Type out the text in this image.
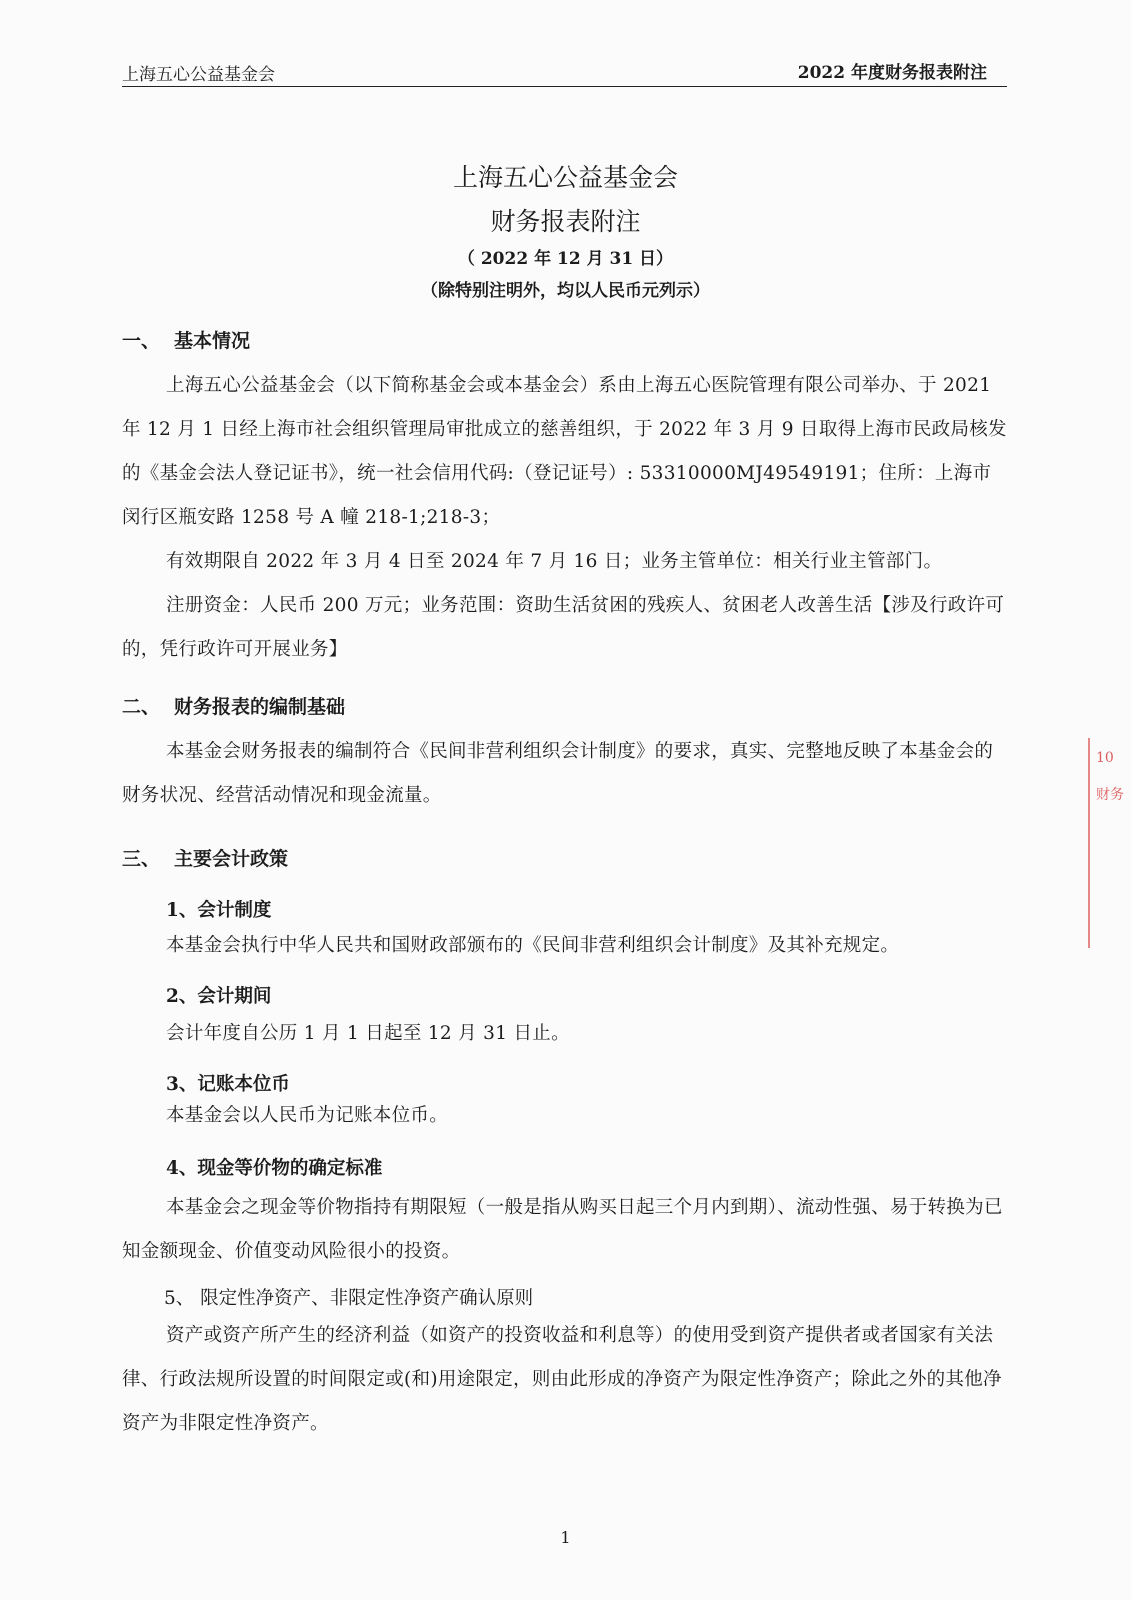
上海五心公益基金会	2022 年度财务报表附注
上海五心公益基金会
财务报表附注
（ 2022 年 12 月 31 日）
（除特别注明外，均以人民币元列示）
一、 基本情况
上海五心公益基金会（以下简称基金会或本基金会）系由上海五心医院管理有限公司举办、于 2021 年 12 月 1 日经上海市社会组织管理局审批成立的慈善组织，于 2022 年 3 月 9 日取得上海市民政局核发的《基金会法人登记证书》，统一社会信用代码:（登记证号）: 53310000MJ49549191；住所：上海市闵行区瓶安路 1258 号 A 幢 218-1;218-3；
有效期限自 2022 年 3 月 4 日至 2024 年 7 月 16 日；业务主管单位：相关行业主管部门。
注册资金：人民币 200 万元；业务范围：资助生活贫困的残疾人、贫困老人改善生活【涉及行政许可的，凭行政许可开展业务】
二、 财务报表的编制基础
本基金会财务报表的编制符合《民间非营利组织会计制度》的要求，真实、完整地反映了本基金会的财务状况、经营活动情况和现金流量。
三、 主要会计政策
1、会计制度
本基金会执行中华人民共和国财政部颁布的《民间非营利组织会计制度》及其补充规定。
2、会计期间
会计年度自公历 1 月 1 日起至 12 月 31 日止。
3、记账本位币
本基金会以人民币为记账本位币。
4、现金等价物的确定标准
本基金会之现金等价物指持有期限短（一般是指从购买日起三个月内到期）、流动性强、易于转换为已知金额现金、价值变动风险很小的投资。
5、 限定性净资产、非限定性净资产确认原则
资产或资产所产生的经济利益（如资产的投资收益和利息等）的使用受到资产提供者或者国家有关法律、行政法规所设置的时间限定或(和)用途限定，则由此形成的净资产为限定性净资产；除此之外的其他净资产为非限定性净资产。
1
10
财务
